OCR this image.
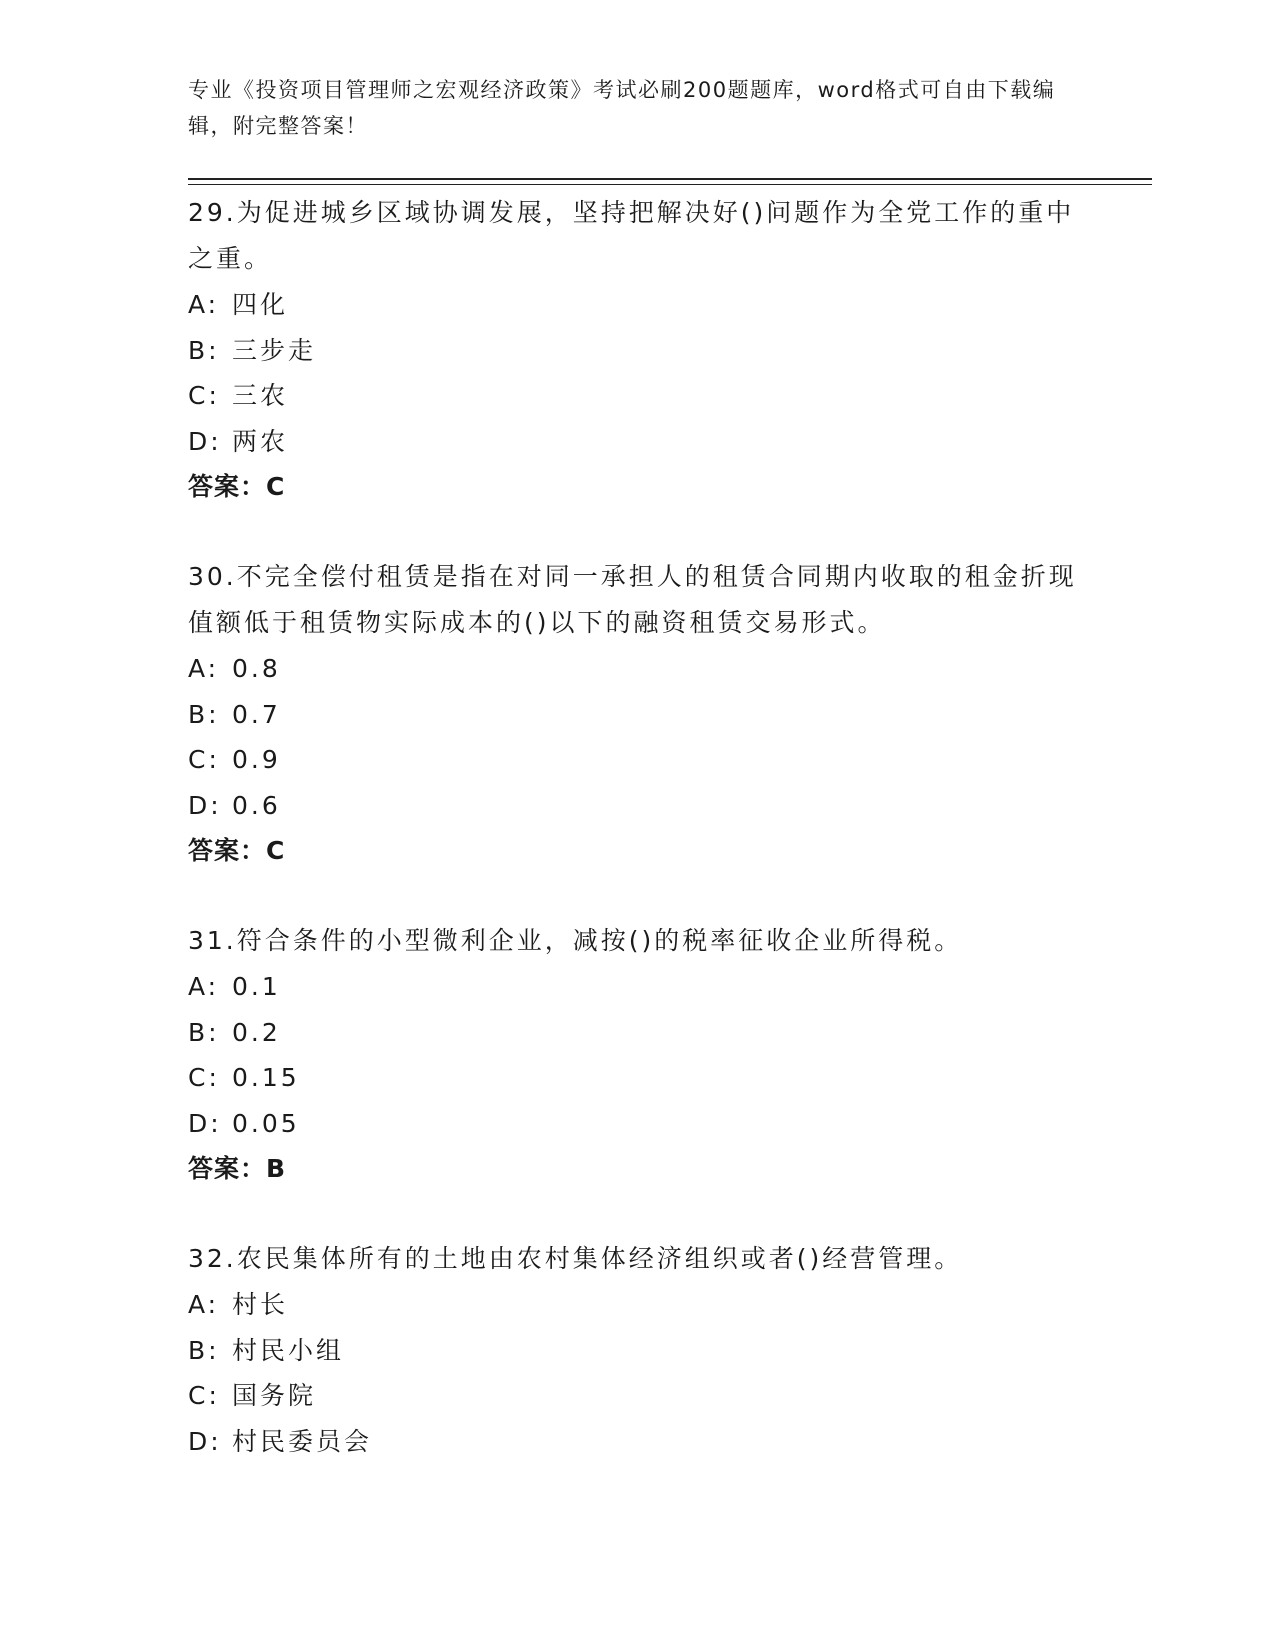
专业《投资项目管理师之宏观经济政策》考试必刷200题题库，word格式可自由下载编辑，附完整答案！
29.为促进城乡区域协调发展，坚持把解决好()问题作为全党工作的重中之重。
A: 四化
B: 三步走
C: 三农
D: 两农
答案：C
30.不完全偿付租赁是指在对同一承担人的租赁合同期内收取的租金折现值额低于租赁物实际成本的()以下的融资租赁交易形式。
A: 0.8
B: 0.7
C: 0.9
D: 0.6
答案：C
31.符合条件的小型微利企业，减按()的税率征收企业所得税。
A: 0.1
B: 0.2
C: 0.15
D: 0.05
答案：B
32.农民集体所有的土地由农村集体经济组织或者()经营管理。
A: 村长
B: 村民小组
C: 国务院
D: 村民委员会
